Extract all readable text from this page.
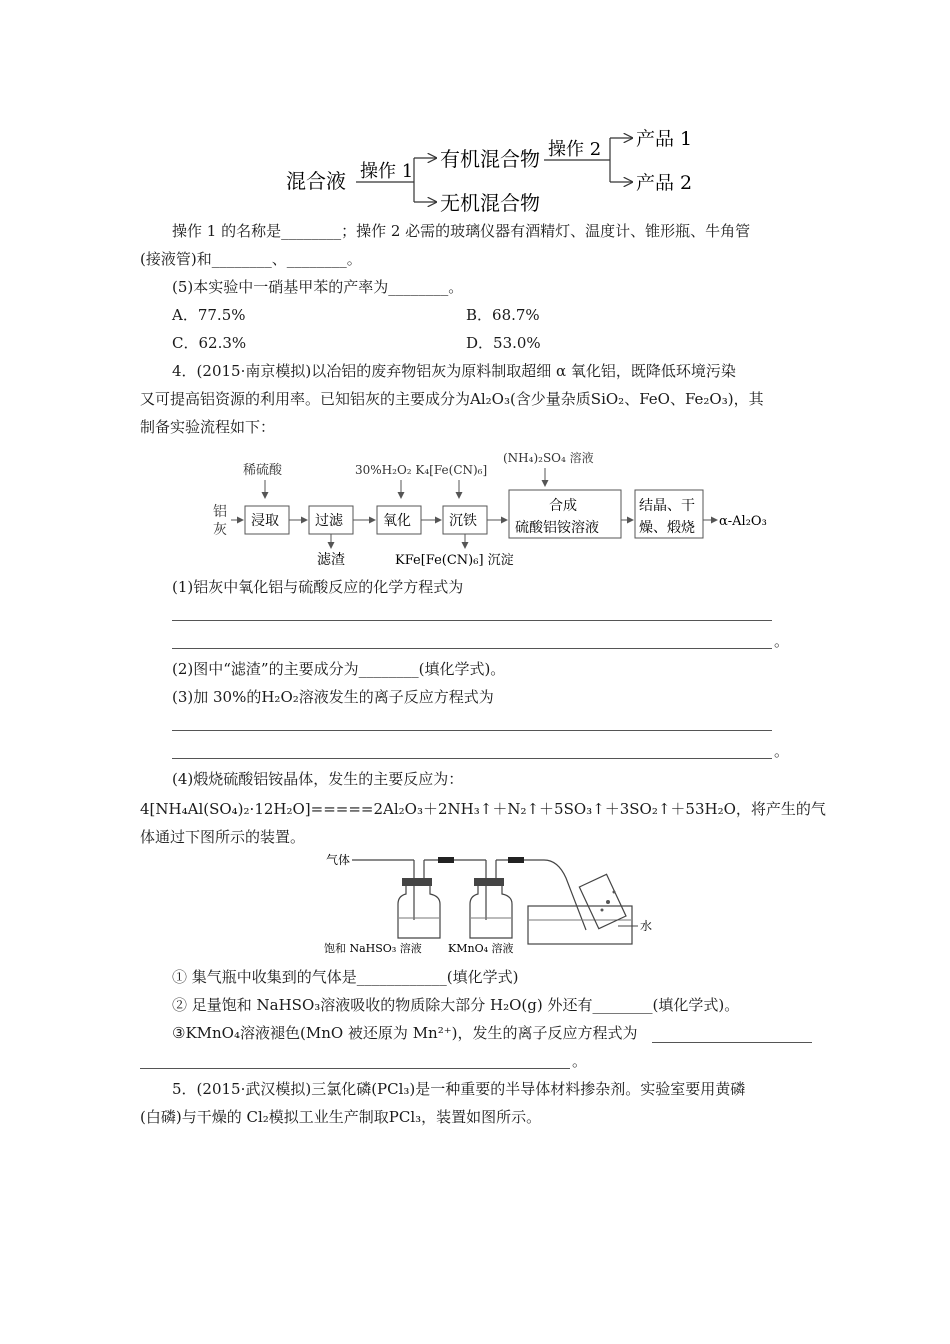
混合液 操作 1
有机混合物
无机混合物
操作 2 产品 1
产品 2
操作 1 的名称是________；操作 2 必需的玻璃仪器有酒精灯、温度计、锥形瓶、牛角管
(接液管)和________、________。
(5)本实验中一硝基甲苯的产率为________。
A．77.5%	B．68.7%
C．62.3%	D．53.0%
4．(2015·南京模拟)以冶铝的废弃物铝灰为原料制取超细 α 氧化铝，既降低环境污染
又可提高铝资源的利用率。已知铝灰的主要成分为Al₂O₃(含少量杂质SiO₂、FeO、Fe₂O₃)，其
制备实验流程如下：
稀硫酸	30%H₂O₂ K₄[Fe(CN)₆]
(NH₄)₂SO₄ 溶液
铝
灰
铝灰
浸取	过滤	氧化	沉铁
合成
硫酸铝铵溶液
结晶、干
燥、煅烧 α-Al₂O₃
滤渣	KFe[Fe(CN)₆] 沉淀
(1)铝灰中氧化铝与硫酸反应的化学方程式为
。
(2)图中“滤渣”的主要成分为________(填化学式)。
(3)加 30%的H₂O₂溶液发生的离子反应方程式为
。
(4)煅烧硫酸铝铵晶体，发生的主要反应为：
4[NH₄Al(SO₄)₂·12H₂O]=====2Al₂O₃＋2NH₃↑＋N₂↑＋5SO₃↑＋3SO₂↑＋53H₂O，将产生的气
体通过下图所示的装置。
气体
水
饱和 NaHSO₃ 溶液 KMnO₄ 溶液
① 集气瓶中收集到的气体是____________(填化学式)
② 足量饱和 NaHSO₃溶液吸收的物质除大部分 H₂O(g) 外还有________(填化学式)。
③KMnO₄溶液褪色(MnO 被还原为 Mn²⁺)，发生的离子反应方程式为
。
5．(2015·武汉模拟)三氯化磷(PCl₃)是一种重要的半导体材料掺杂剂。实验室要用黄磷
(白磷)与干燥的 Cl₂模拟工业生产制取PCl₃，装置如图所示。
